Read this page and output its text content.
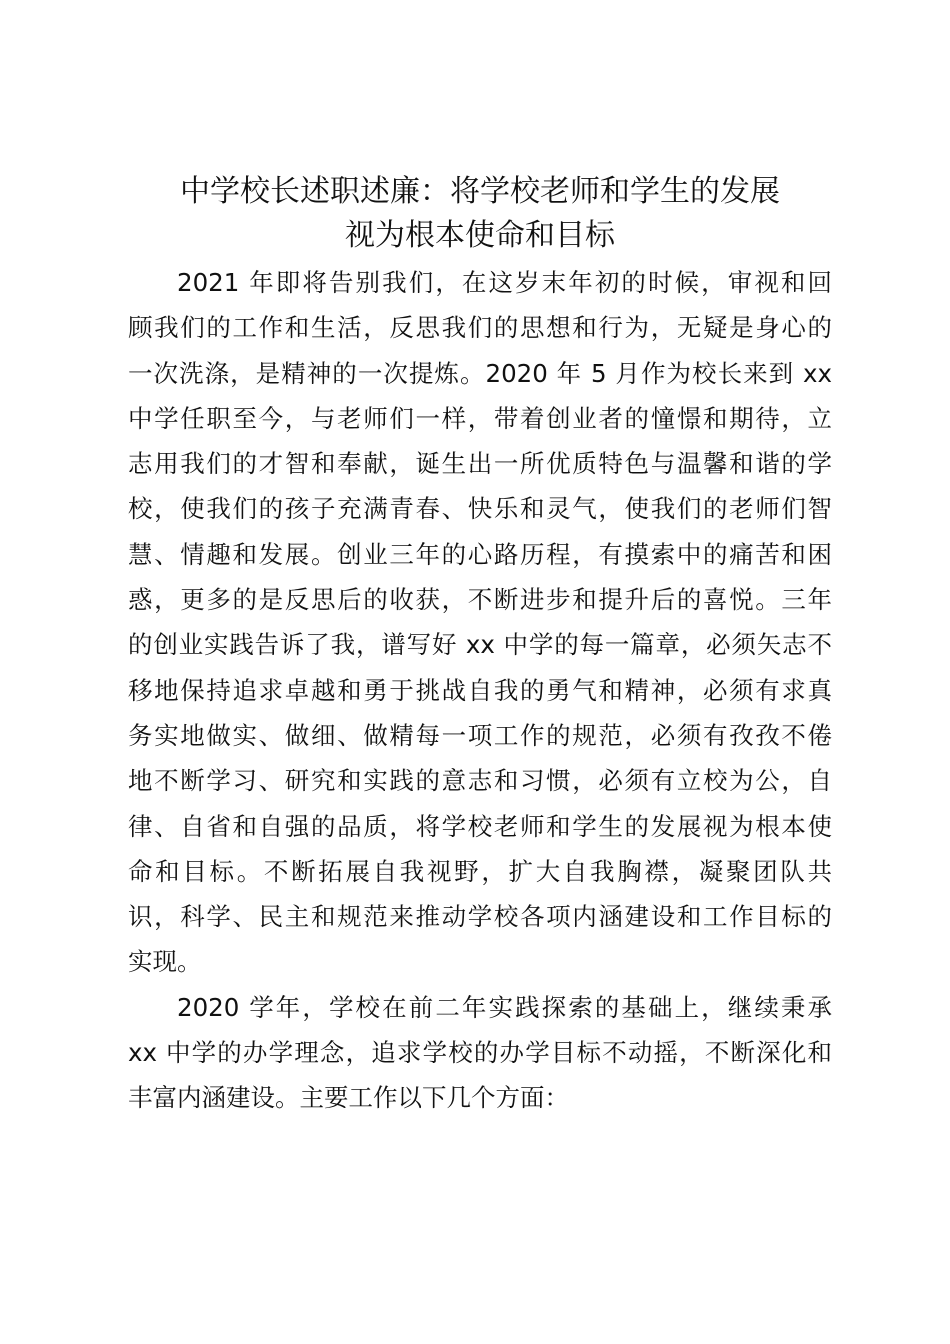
中学校长述职述廉：将学校老师和学生的发展
视为根本使命和目标
2021 年即将告别我们，在这岁末年初的时候，审视和回
顾我们的工作和生活，反思我们的思想和行为，无疑是身心的
一次洗涤，是精神的一次提炼。2020 年 5 月作为校长来到 xx
中学任职至今，与老师们一样，带着创业者的憧憬和期待，立
志用我们的才智和奉献，诞生出一所优质特色与温馨和谐的学
校，使我们的孩子充满青春、快乐和灵气，使我们的老师们智
慧、情趣和发展。创业三年的心路历程，有摸索中的痛苦和困
惑，更多的是反思后的收获，不断进步和提升后的喜悦。三年
的创业实践告诉了我，谱写好 xx 中学的每一篇章，必须矢志不
移地保持追求卓越和勇于挑战自我的勇气和精神，必须有求真
务实地做实、做细、做精每一项工作的规范，必须有孜孜不倦
地不断学习、研究和实践的意志和习惯，必须有立校为公，自
律、自省和自强的品质，将学校老师和学生的发展视为根本使
命和目标。不断拓展自我视野，扩大自我胸襟，凝聚团队共
识，科学、民主和规范来推动学校各项内涵建设和工作目标的
实现。
2020 学年，学校在前二年实践探索的基础上，继续秉承
xx 中学的办学理念，追求学校的办学目标不动摇，不断深化和
丰富内涵建设。主要工作以下几个方面：
